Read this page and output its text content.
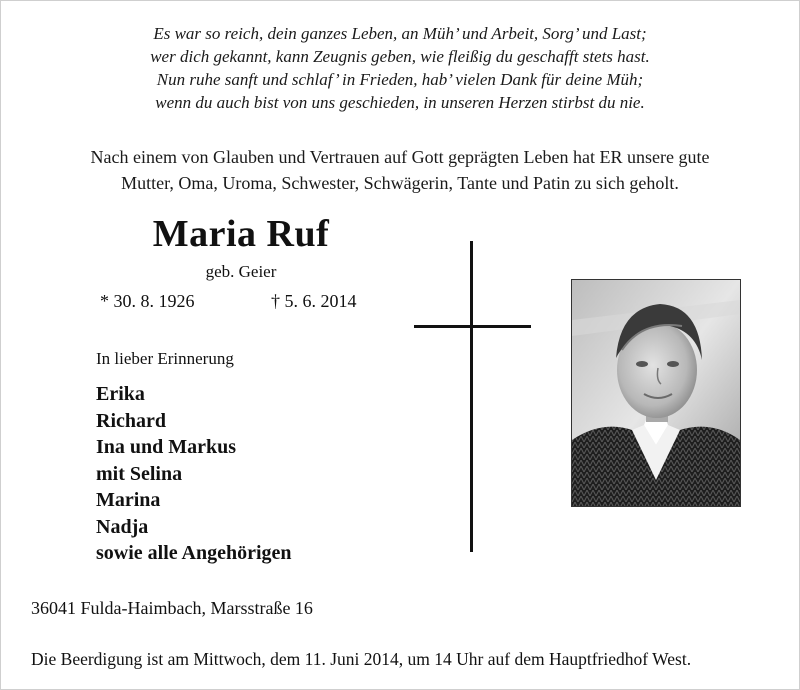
Es war so reich, dein ganzes Leben, an Müh’ und Arbeit, Sorg’ und Last;
wer dich gekannt, kann Zeugnis geben, wie fleißig du geschafft stets hast.
Nun ruhe sanft und schlaf’ in Frieden, hab’ vielen Dank für deine Müh;
wenn du auch bist von uns geschieden, in unseren Herzen stirbst du nie.
Nach einem von Glauben und Vertrauen auf Gott geprägten Leben hat ER unsere gute
Mutter, Oma, Uroma, Schwester, Schwägerin, Tante und Patin zu sich geholt.
Maria Ruf
geb. Geier
* 30. 8. 1926	† 5. 6. 2014
In lieber Erinnerung
Erika
Richard
Ina und Markus
mit Selina
Marina
Nadja
sowie alle Angehörigen
36041 Fulda-Haimbach, Marsstraße 16
Die Beerdigung ist am Mittwoch, dem 11. Juni 2014, um 14 Uhr auf dem Hauptfriedhof West.
